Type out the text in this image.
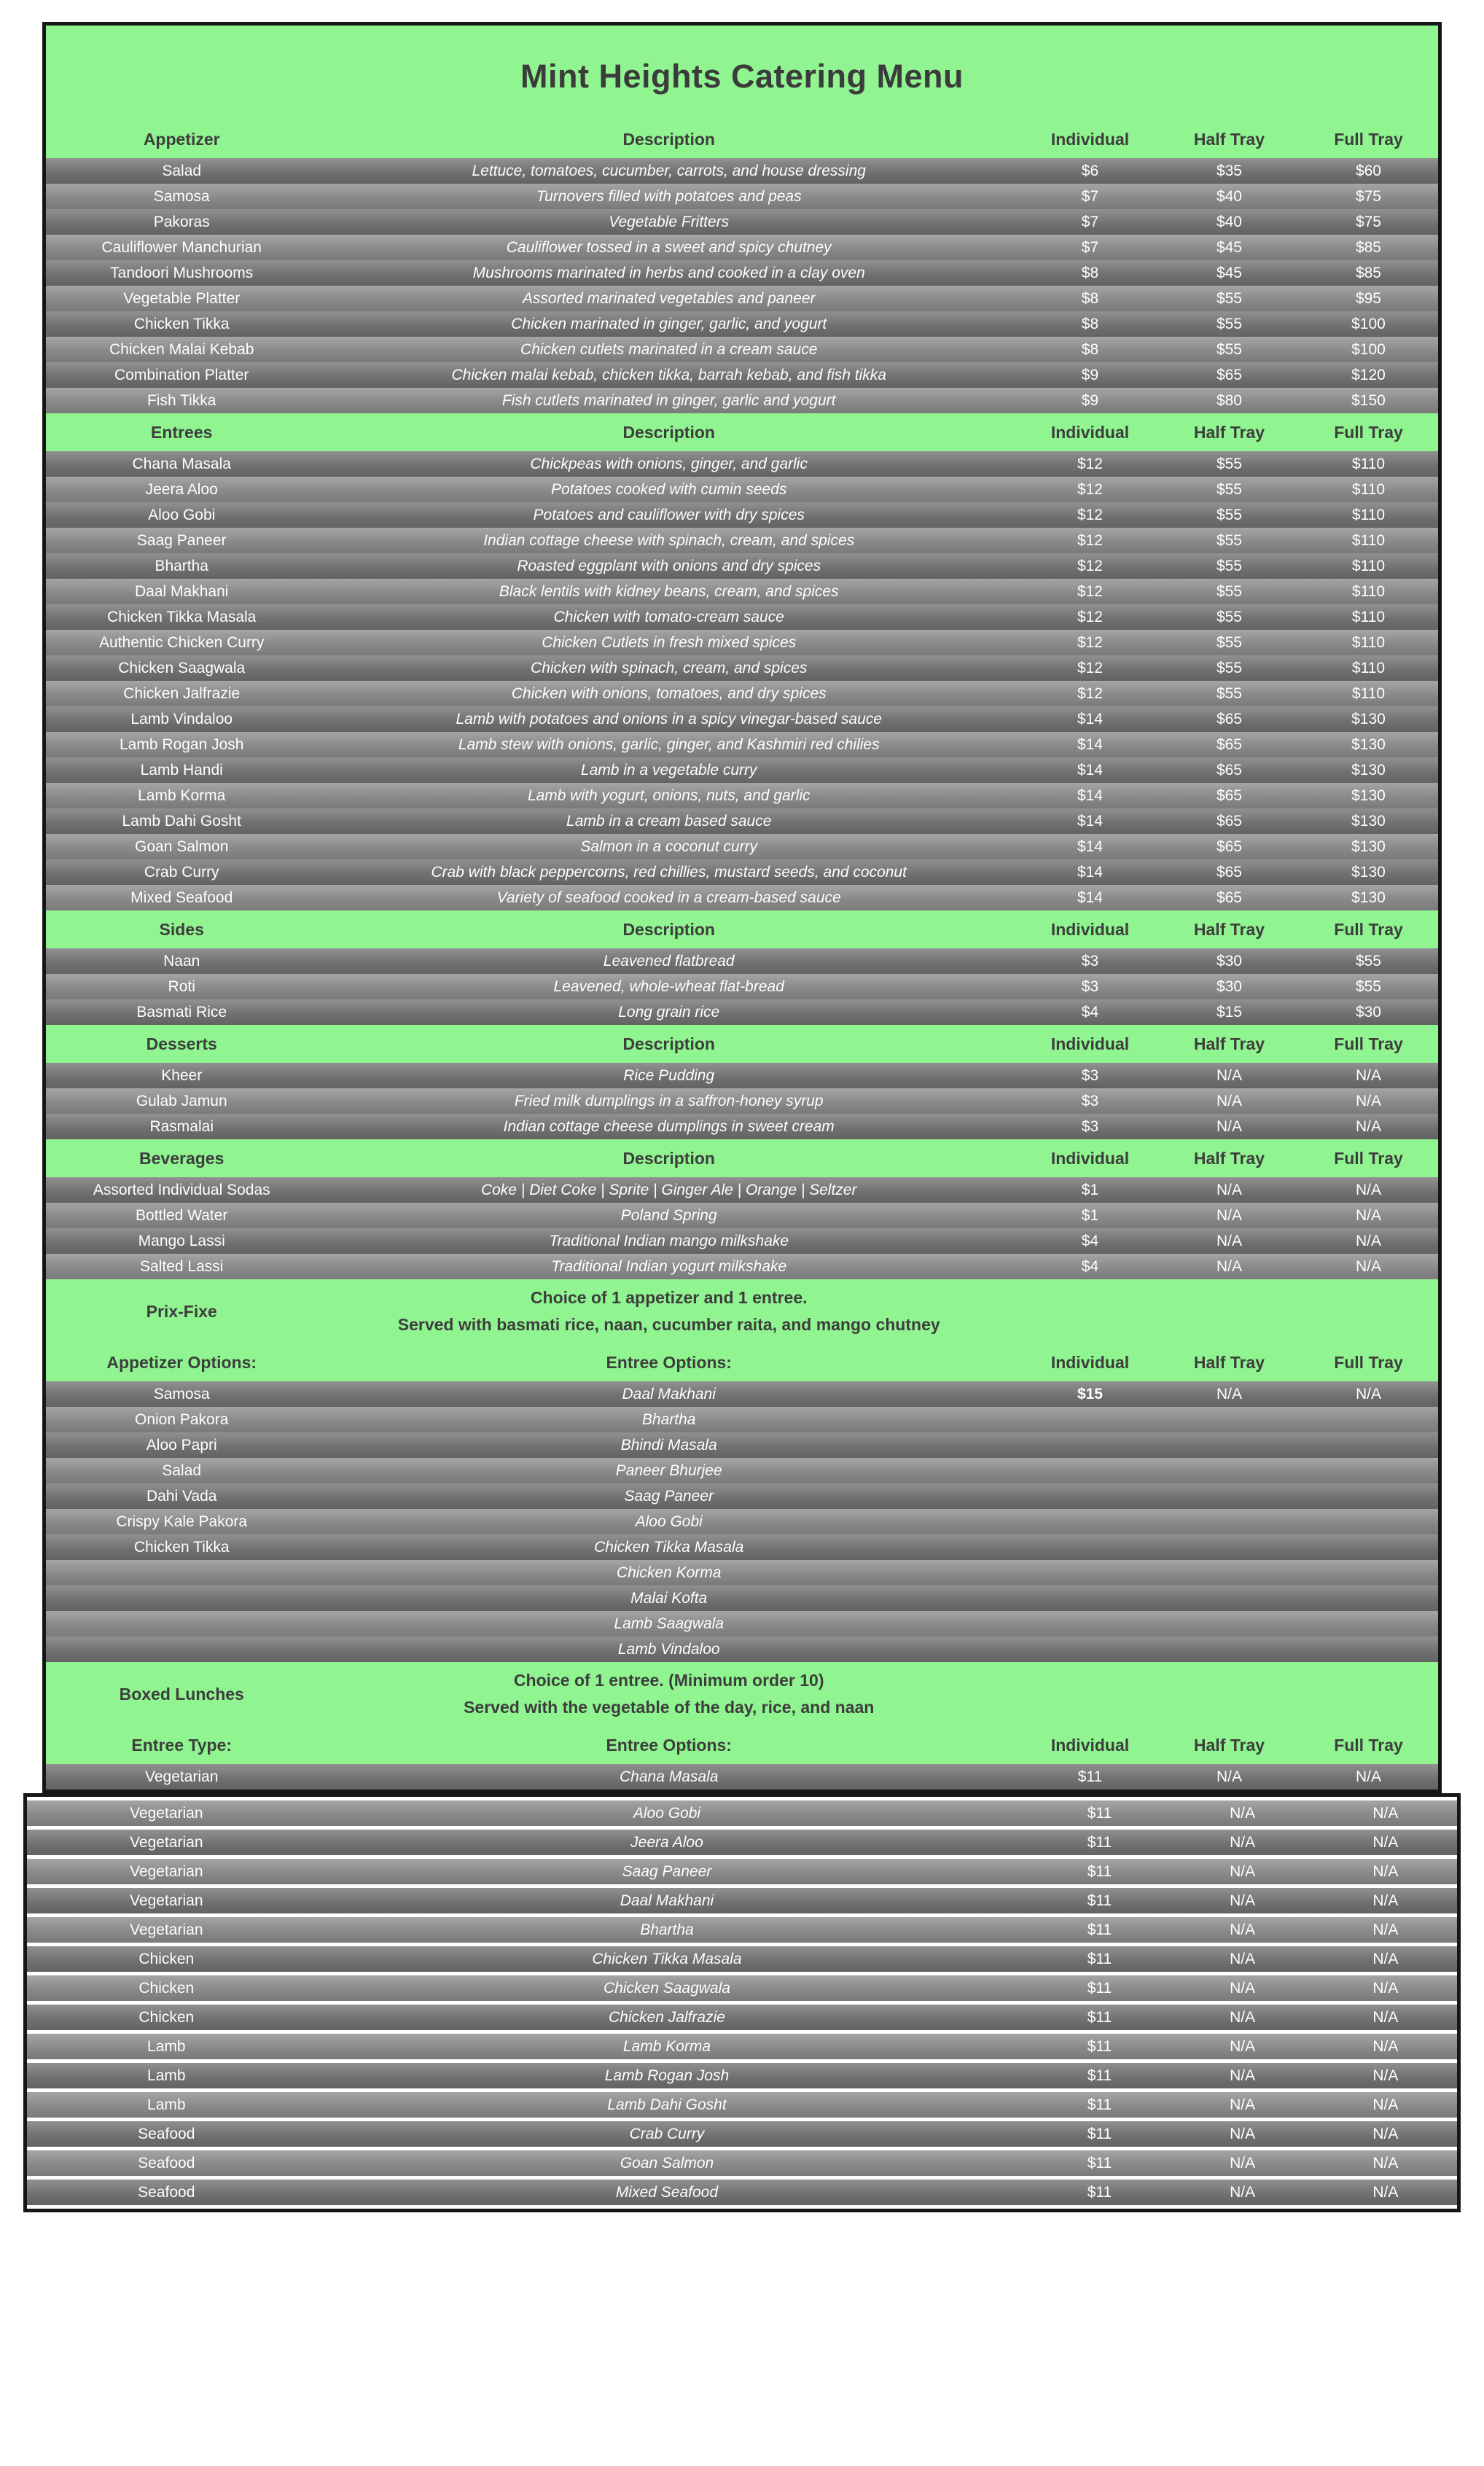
Mint Heights Catering Menu
Appetizer	Description	Individual	Half Tray	Full Tray
Salad	Lettuce, tomatoes, cucumber, carrots, and house dressing	$6	$35	$60
Samosa	Turnovers filled with potatoes and peas	$7	$40	$75
Pakoras	Vegetable Fritters	$7	$40	$75
Cauliflower Manchurian	Cauliflower tossed in a sweet and spicy chutney	$7	$45	$85
Tandoori Mushrooms	Mushrooms marinated in herbs and cooked in a clay oven	$8	$45	$85
Vegetable Platter	Assorted marinated vegetables and paneer	$8	$55	$95
Chicken Tikka	Chicken marinated in ginger, garlic, and yogurt	$8	$55	$100
Chicken Malai Kebab	Chicken cutlets marinated in a cream sauce	$8	$55	$100
Combination Platter	Chicken malai kebab, chicken tikka, barrah kebab, and fish tikka	$9	$65	$120
Fish Tikka	Fish cutlets marinated in ginger, garlic and yogurt	$9	$80	$150
Entrees	Description	Individual	Half Tray	Full Tray
Chana Masala	Chickpeas with onions, ginger, and garlic	$12	$55	$110
Jeera Aloo	Potatoes cooked with cumin seeds	$12	$55	$110
Aloo Gobi	Potatoes and cauliflower with dry spices	$12	$55	$110
Saag Paneer	Indian cottage cheese with spinach, cream, and spices	$12	$55	$110
Bhartha	Roasted eggplant with onions and dry spices	$12	$55	$110
Daal Makhani	Black lentils with kidney beans, cream, and spices	$12	$55	$110
Chicken Tikka Masala	Chicken with tomato-cream sauce	$12	$55	$110
Authentic Chicken Curry	Chicken Cutlets in fresh mixed spices	$12	$55	$110
Chicken Saagwala	Chicken with spinach, cream, and spices	$12	$55	$110
Chicken Jalfrazie	Chicken with onions, tomatoes, and dry spices	$12	$55	$110
Lamb Vindaloo	Lamb with potatoes and onions in a spicy vinegar-based sauce	$14	$65	$130
Lamb Rogan Josh	Lamb stew with onions, garlic, ginger, and Kashmiri red chilies	$14	$65	$130
Lamb Handi	Lamb in a vegetable curry	$14	$65	$130
Lamb Korma	Lamb with yogurt, onions, nuts, and garlic	$14	$65	$130
Lamb Dahi Gosht	Lamb in a cream based sauce	$14	$65	$130
Goan Salmon	Salmon in a coconut curry	$14	$65	$130
Crab Curry	Crab with black peppercorns, red chillies, mustard seeds, and coconut	$14	$65	$130
Mixed Seafood	Variety of seafood cooked in a cream-based sauce	$14	$65	$130
Sides	Description	Individual	Half Tray	Full Tray
Naan	Leavened flatbread	$3	$30	$55
Roti	Leavened, whole-wheat flat-bread	$3	$30	$55
Basmati Rice	Long grain rice	$4	$15	$30
Desserts	Description	Individual	Half Tray	Full Tray
Kheer	Rice Pudding	$3	N/A	N/A
Gulab Jamun	Fried milk dumplings in a saffron-honey syrup	$3	N/A	N/A
Rasmalai	Indian cottage cheese dumplings in sweet cream	$3	N/A	N/A
Beverages	Description	Individual	Half Tray	Full Tray
Assorted Individual Sodas	Coke | Diet Coke | Sprite | Ginger Ale | Orange | Seltzer	$1	N/A	N/A
Bottled Water	Poland Spring	$1	N/A	N/A
Mango Lassi	Traditional Indian mango milkshake	$4	N/A	N/A
Salted Lassi	Traditional Indian yogurt milkshake	$4	N/A	N/A
Prix-Fixe
Choice of 1 appetizer and 1 entree.
Served with basmati rice, naan, cucumber raita, and mango chutney
Appetizer Options:	Entree Options:	Individual	Half Tray	Full Tray
Samosa	Daal Makhani	$15	N/A	N/A
Onion Pakora	Bhartha
Aloo Papri	Bhindi Masala
Salad	Paneer Bhurjee
Dahi Vada	Saag Paneer
Crispy Kale Pakora	Aloo Gobi
Chicken Tikka	Chicken Tikka Masala
Chicken Korma
Malai Kofta
Lamb Saagwala
Lamb Vindaloo
Boxed Lunches
Choice of 1 entree. (Minimum order 10)
Served with the vegetable of the day, rice, and naan
Entree Type:	Entree Options:	Individual	Half Tray	Full Tray
Vegetarian	Chana Masala	$11	N/A	N/A
Vegetarian	Aloo Gobi	$11	N/A	N/A
Vegetarian	Jeera Aloo	$11	N/A	N/A
Vegetarian	Saag Paneer	$11	N/A	N/A
Vegetarian	Daal Makhani	$11	N/A	N/A
Vegetarian	Bhartha	$11	N/A	N/A
Chicken	Chicken Tikka Masala	$11	N/A	N/A
Chicken	Chicken Saagwala	$11	N/A	N/A
Chicken	Chicken Jalfrazie	$11	N/A	N/A
Lamb	Lamb Korma	$11	N/A	N/A
Lamb	Lamb Rogan Josh	$11	N/A	N/A
Lamb	Lamb Dahi Gosht	$11	N/A	N/A
Seafood	Crab Curry	$11	N/A	N/A
Seafood	Goan Salmon	$11	N/A	N/A
Seafood	Mixed Seafood	$11	N/A	N/A
